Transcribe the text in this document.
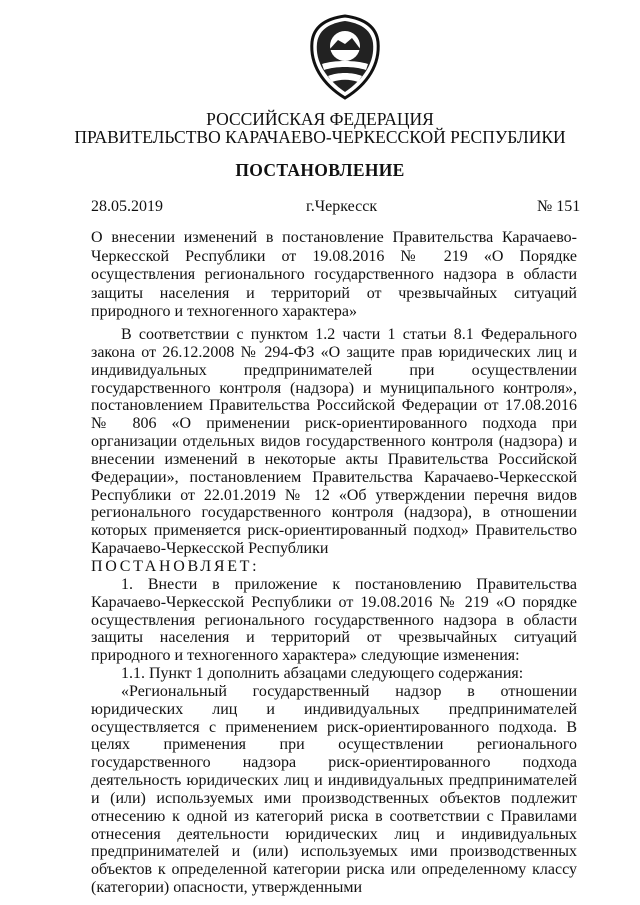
РОССИЙСКАЯ ФЕДЕРАЦИЯ
ПРАВИТЕЛЬСТВО КАРАЧАЕВО-ЧЕРКЕССКОЙ РЕСПУБЛИКИ
ПОСТАНОВЛЕНИЕ
28.05.2019	г.Черкесск	№ 151
О внесении изменений в постановление Правительства Карачаево-Черкесской Республики от 19.08.2016 № 219 «О Порядке осуществления регионального государственного надзора в области защиты населения и территорий от чрезвычайных ситуаций природного и техногенного характера»

В соответствии с пунктом 1.2 части 1 статьи 8.1 Федерального закона от 26.12.2008 № 294-ФЗ «О защите прав юридических лиц и индивидуальных предпринимателей при осуществлении государственного контроля (надзора) и муниципального контроля», постановлением Правительства Российской Федерации от 17.08.2016 № 806 «О применении риск-ориентированного подхода при организации отдельных видов государственного контроля (надзора) и внесении изменений в некоторые акты Правительства Российской Федерации», постановлением Правительства Карачаево-Черкесской Республики от 22.01.2019 № 12 «Об утверждении перечня видов регионального государственного контроля (надзора), в отношении которых применяется риск-ориентированный подход» Правительство Карачаево-Черкесской Республики

ПОСТАНОВЛЯЕТ:

1. Внести в приложение к постановлению Правительства Карачаево-Черкесской Республики от 19.08.2016 № 219 «О порядке осуществления регионального государственного надзора в области защиты населения и территорий от чрезвычайных ситуаций природного и техногенного характера» следующие изменения:

1.1. Пункт 1 дополнить абзацами следующего содержания:

«Региональный государственный надзор в отношении юридических лиц и индивидуальных предпринимателей осуществляется с применением риск-ориентированного подхода. В целях применения при осуществлении регионального государственного надзора риск-ориентированного подхода деятельность юридических лиц и индивидуальных предпринимателей и (или) используемых ими производственных объектов подлежит отнесению к одной из категорий риска в соответствии с Правилами отнесения деятельности юридических лиц и индивидуальных предпринимателей и (или) используемых ими производственных объектов к определенной категории риска или определенному классу (категории) опасности, утвержденными
